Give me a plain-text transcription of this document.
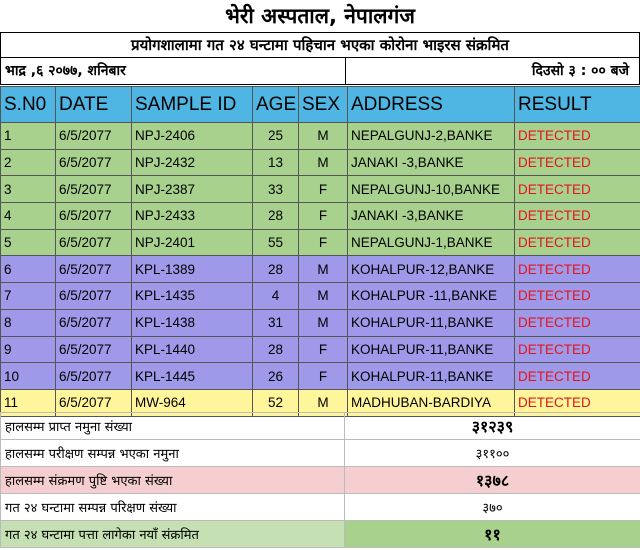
भेरी अस्पताल, नेपालगंज
प्रयोगशालामा गत २४ घन्टामा पहिचान भएका कोरोना भाइरस संक्रमित
भाद्र ,६ २०७७, शनिबार	दिउसो ३ : ०० बजे
S.N0	DATE	SAMPLE ID	AGE	SEX	ADDRESS	RESULT
1	6/5/2077	NPJ-2406	25	M	NEPALGUNJ-2,BANKE	DETECTED
2	6/5/2077	NPJ-2432	13	M	JANAKI -3,BANKE	DETECTED
3	6/5/2077	NPJ-2387	33	F	NEPALGUNJ-10,BANKE	DETECTED
4	6/5/2077	NPJ-2433	28	F	JANAKI -3,BANKE	DETECTED
5	6/5/2077	NPJ-2401	55	F	NEPALGUNJ-1,BANKE	DETECTED
6	6/5/2077	KPL-1389	28	M	KOHALPUR-12,BANKE	DETECTED
7	6/5/2077	KPL-1435	4	M	KOHALPUR -11,BANKE	DETECTED
8	6/5/2077	KPL-1438	31	M	KOHALPUR-11,BANKE	DETECTED
9	6/5/2077	KPL-1440	28	F	KOHALPUR-11,BANKE	DETECTED
10	6/5/2077	KPL-1445	26	F	KOHALPUR-11,BANKE	DETECTED
11	6/5/2077	MW-964	52	M	MADHUBAN-BARDIYA	DETECTED
हालसम्म प्राप्त नमुना संख्या	३१२३९
हालसम्म परीक्षण सम्पन्न भएका नमुना	३११००
हालसम्म संक्रमण पुष्टि भएका संख्या	१३७८
गत २४ घन्टामा सम्पन्न परिक्षण संख्या	३७०
गत २४ घन्टामा पत्ता लागेका नयाँ संक्रमित	११
